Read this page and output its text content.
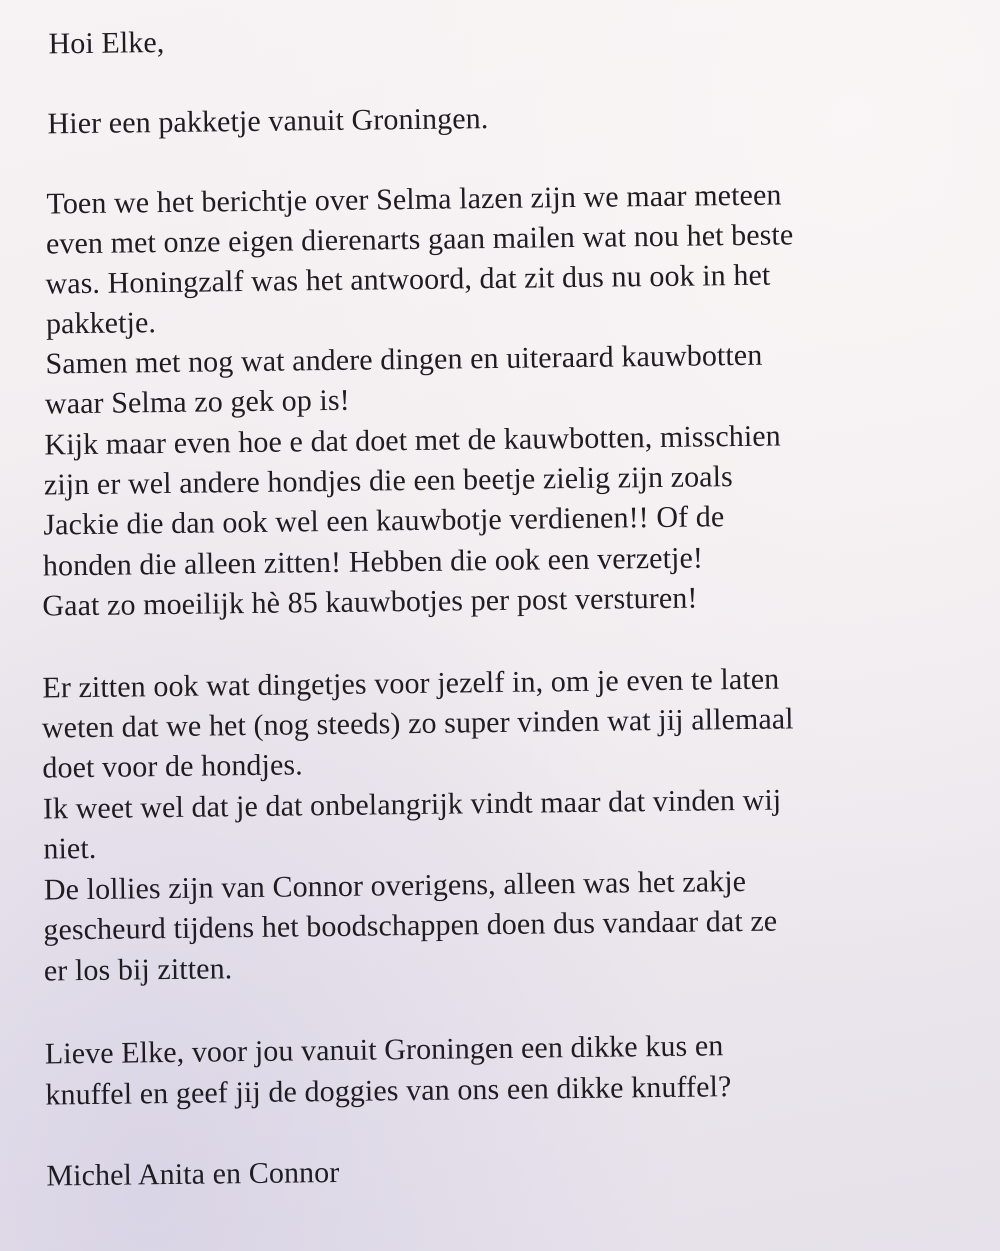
Hoi Elke,
Hier een pakketje vanuit Groningen.
Toen we het berichtje over Selma lazen zijn we maar meteen
even met onze eigen dierenarts gaan mailen wat nou het beste
was. Honingzalf was het antwoord, dat zit dus nu ook in het
pakketje.
Samen met nog wat andere dingen en uiteraard kauwbotten
waar Selma zo gek op is!
Kijk maar even hoe e dat doet met de kauwbotten, misschien
zijn er wel andere hondjes die een beetje zielig zijn zoals
Jackie die dan ook wel een kauwbotje verdienen!! Of de
honden die alleen zitten! Hebben die ook een verzetje!
Gaat zo moeilijk hè 85 kauwbotjes per post versturen!
Er zitten ook wat dingetjes voor jezelf in, om je even te laten
weten dat we het (nog steeds) zo super vinden wat jij allemaal
doet voor de hondjes.
Ik weet wel dat je dat onbelangrijk vindt maar dat vinden wij
niet.
De lollies zijn van Connor overigens, alleen was het zakje
gescheurd tijdens het boodschappen doen dus vandaar dat ze
er los bij zitten.
Lieve Elke, voor jou vanuit Groningen een dikke kus en
knuffel en geef jij de doggies van ons een dikke knuffel?
Michel Anita en Connor
